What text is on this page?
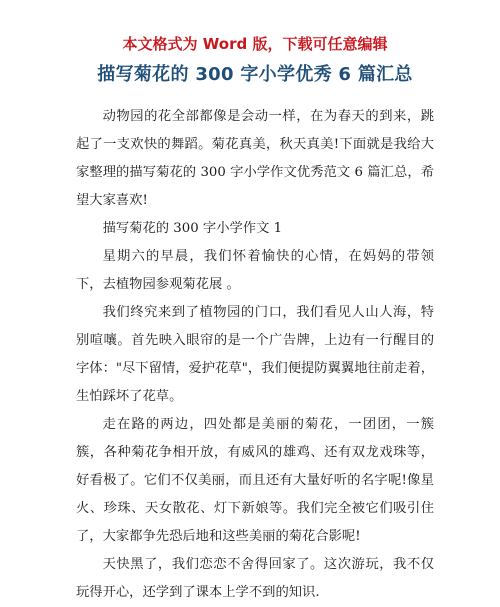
本文格式为 Word 版，下载可任意编辑

描写菊花的 300 字小学优秀 6 篇汇总

动物园的花全部都像是会动一样，在为春天的到来，跳起了一支欢快的舞蹈。菊花真美，秋天真美!下面就是我给大家整理的描写菊花的 300 字小学作文优秀范文 6 篇汇总，希望大家喜欢!

描写菊花的 300 字小学作文 1

星期六的早晨，我们怀着愉快的心情，在妈妈的带领下，去植物园参观菊花展 。

我们终究来到了植物园的门口，我们看见人山人海，特别喧嚷。首先映入眼帘的是一个广告牌，上边有一行醒目的字体："尽下留情，爱护花草"，我们便提防翼翼地往前走着，生怕踩坏了花草。

走在路的两边，四处都是美丽的菊花，一团团，一簇簇，各种菊花争相开放，有威风的雄鸡、还有双龙戏珠等，好看极了。它们不仅美丽，而且还有大量好听的名字呢!像星火、珍珠、天女散花、灯下新娘等。我们完全被它们吸引住了，大家都争先恐后地和这些美丽的菊花合影呢!

天快黑了，我们恋恋不舍得回家了。这次游玩，我不仅玩得开心，还学到了课本上学不到的知识.
